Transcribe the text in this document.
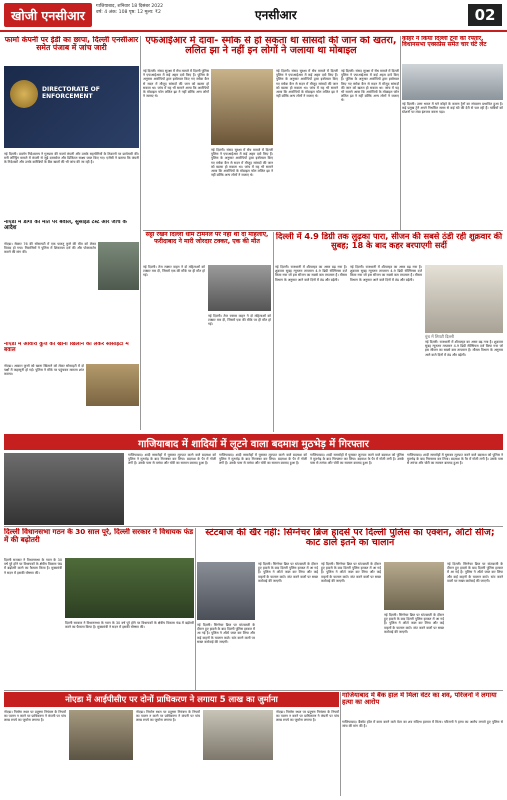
खोजी एनसीआर
गाजियाबाद, शनिवार 18 दिसंबर 2022
वर्ष: 4 अंक: 108 पृष्ठ: 12 मूल्य: ₹2	एनसीआर	02
फार्मा कंपनी पर ईडी का छापा, दिल्ली एनसीआर समेत पंजाब में जांच जारी
DIRECTORATE OF ENFORCEMENT
नई दिल्ली। प्रवर्तन निदेशालय ने गुरुग्राम की फार्मा कंपनी और उसके सहयोगियों के ठिकानों पर छापेमारी की। मनी लॉन्ड्रिंग मामले में कंपनी से जुड़े दस्तावेज और डिजिटल साक्ष्य जब्त किए गए। एजेंसी ने बताया कि कंपनी के निदेशकों और उनके करीबियों के बैंक खातों की भी जांच की जा रही है।
नोएडा में डॉगी की मौत पर बवाल, सुसाइड टेस्ट और जांच के आदेश
नोएडा। सेक्टर 76 की सोसायटी में एक पालतू कुत्ते की मौत को लेकर विवाद हो गया। निवासियों ने पुलिस में शिकायत दर्ज की और पोस्टमार्टम कराने की मांग की।
नोएडा में आवारा कुत्ते को खाना खिलाने को लेकर सोसाइटी में बवाल
नोएडा। आवारा कुत्तों को खाना खिलाने को लेकर सोसाइटी में दो पक्षों में कहासुनी हो गई। पुलिस ने मौके पर पहुंचकर मामला शांत कराया।
एफआईआर में दावा- स्मोक से हो सकता था सांसदों की जान को खतरा, ललित झा ने नहीं इन लोगों ने जलाया था मोबाइल
नई दिल्ली। संसद सुरक्षा में सेंध मामले में दिल्ली पुलिस ने एफआईआर में कई अहम दावे किए हैं। पुलिस के अनुसार आरोपियों द्वारा इस्तेमाल किए गए स्मोक कैन से सदन में मौजूद सांसदों की जान को खतरा हो सकता था। जांच में यह भी सामने आया कि आरोपियों के मोबाइल फोन ललित झा ने नहीं बल्कि अन्य लोगों ने जलाए थे।
नई दिल्ली। संसद सुरक्षा में सेंध मामले में दिल्ली पुलिस ने एफआईआर में कई अहम दावे किए हैं। पुलिस के अनुसार आरोपियों द्वारा इस्तेमाल किए गए स्मोक कैन से सदन में मौजूद सांसदों की जान को खतरा हो सकता था। जांच में यह भी सामने आया कि आरोपियों के मोबाइल फोन ललित झा ने नहीं बल्कि अन्य लोगों ने जलाए थे।
नई दिल्ली। संसद सुरक्षा में सेंध मामले में दिल्ली पुलिस ने एफआईआर में कई अहम दावे किए हैं। पुलिस के अनुसार आरोपियों द्वारा इस्तेमाल किए गए स्मोक कैन से सदन में मौजूद सांसदों की जान को खतरा हो सकता था। जांच में यह भी सामने आया कि आरोपियों के मोबाइल फोन ललित झा ने नहीं बल्कि अन्य लोगों ने जलाए थे।
नई दिल्ली। संसद सुरक्षा में सेंध मामले में दिल्ली पुलिस ने एफआईआर में कई अहम दावे किए हैं। पुलिस के अनुसार आरोपियों द्वारा इस्तेमाल किए गए स्मोक कैन से सदन में मौजूद सांसदों की जान को खतरा हो सकता था। जांच में यह भी सामने आया कि आरोपियों के मोबाइल फोन ललित झा ने नहीं बल्कि अन्य लोगों ने जलाए थे।
कोहरे ने किया दिल्ली ट्रेनों की रफ्तार, विधानसभा एक्सप्रेस समेत चार घंटे लेट
नई दिल्ली। उत्तर भारत में घने कोहरे के कारण ट्रेनों का संचालन प्रभावित हुआ है। कई प्रमुख ट्रेनें अपने निर्धारित समय से कई घंटे की देरी से चल रही हैं। यात्रियों को स्टेशनों पर लंबा इंतजार करना पड़ा।
सट्टा रखने दिल्ली धाम टर्मिनल पर नहीं थी दो महिलाएं, फरीदाबाद ने मारी जोरदार टक्कर, एक की मौत
नई दिल्ली। तेज रफ्तार वाहन ने दो महिलाओं को टक्कर मार दी, जिसमें एक की मौके पर ही मौत हो गई।
नई दिल्ली। तेज रफ्तार वाहन ने दो महिलाओं को टक्कर मार दी, जिसमें एक की मौके पर ही मौत हो गई।
दिल्ली में 4.9 डिग्री तक लुढ़का पारा, सीजन की सबसे ठंडी रही शुक्रवार की सुबह; 18 के बाद कहर बरपाएगी सर्दी
नई दिल्ली। राजधानी में शीतलहर का असर बढ़ गया है। शुक्रवार सुबह न्यूनतम तापमान 4.9 डिग्री सेल्सियस दर्ज किया गया जो इस सीजन का सबसे कम तापमान है। मौसम विभाग के अनुसार आने वाले दिनों में ठंड और बढ़ेगी।
नई दिल्ली। राजधानी में शीतलहर का असर बढ़ गया है। शुक्रवार सुबह न्यूनतम तापमान 4.9 डिग्री सेल्सियस दर्ज किया गया जो इस सीजन का सबसे कम तापमान है। मौसम विभाग के अनुसार आने वाले दिनों में ठंड और बढ़ेगी।
धुंध में लिपटी दिल्ली
नई दिल्ली। राजधानी में शीतलहर का असर बढ़ गया है। शुक्रवार सुबह न्यूनतम तापमान 4.9 डिग्री सेल्सियस दर्ज किया गया जो इस सीजन का सबसे कम तापमान है। मौसम विभाग के अनुसार आने वाले दिनों में ठंड और बढ़ेगी।
गाजियाबाद में शादियों में लूटने वाला बदमाश मुठभेड़ में गिरफ्तार
गाजियाबाद। शादी समारोहों में घुसकर लूटपाट करने वाले बदमाश को पुलिस ने मुठभेड़ के बाद गिरफ्तार कर लिया। बदमाश के पैर में गोली लगी है। उसके पास से तमंचा और चोरी का सामान बरामद हुआ है।
गाजियाबाद। शादी समारोहों में घुसकर लूटपाट करने वाले बदमाश को पुलिस ने मुठभेड़ के बाद गिरफ्तार कर लिया। बदमाश के पैर में गोली लगी है। उसके पास से तमंचा और चोरी का सामान बरामद हुआ है।
गाजियाबाद। शादी समारोहों में घुसकर लूटपाट करने वाले बदमाश को पुलिस ने मुठभेड़ के बाद गिरफ्तार कर लिया। बदमाश के पैर में गोली लगी है। उसके पास से तमंचा और चोरी का सामान बरामद हुआ है।
गाजियाबाद। शादी समारोहों में घुसकर लूटपाट करने वाले बदमाश को पुलिस ने मुठभेड़ के बाद गिरफ्तार कर लिया। बदमाश के पैर में गोली लगी है। उसके पास से तमंचा और चोरी का सामान बरामद हुआ है।
दिल्ली विधानसभा गठन के 30 साल पूरे, दिल्ली सरकार ने विधायक फंड में की बढ़ोतरी
दिल्ली सरकार ने विधानसभा के गठन के 30 वर्ष पूरे होने पर विधायकों के क्षेत्रीय विकास फंड में बढ़ोतरी करने का फैसला किया है। मुख्यमंत्री ने सदन में इसकी घोषणा की।
दिल्ली सरकार ने विधानसभा के गठन के 30 वर्ष पूरे होने पर विधायकों के क्षेत्रीय विकास फंड में बढ़ोतरी करने का फैसला किया है। मुख्यमंत्री ने सदन में इसकी घोषणा की।
स्टंटबाज की खैर नहीं: सिग्नेचर ब्रिज हादसे पर दिल्ली पुलिस का एक्शन, ऑटो सीज; काट डाले इतने का चालान
नई दिल्ली। सिग्नेचर ब्रिज पर स्टंटबाजी के दौरान हुए हादसे के बाद दिल्ली पुलिस हरकत में आ गई है। पुलिस ने ऑटो जब्त कर लिया और कई वाहनों के चालान काटे। स्टंट करने वालों पर सख्त कार्रवाई की जाएगी।
नई दिल्ली। सिग्नेचर ब्रिज पर स्टंटबाजी के दौरान हुए हादसे के बाद दिल्ली पुलिस हरकत में आ गई है। पुलिस ने ऑटो जब्त कर लिया और कई वाहनों के चालान काटे। स्टंट करने वालों पर सख्त कार्रवाई की जाएगी।
नई दिल्ली। सिग्नेचर ब्रिज पर स्टंटबाजी के दौरान हुए हादसे के बाद दिल्ली पुलिस हरकत में आ गई है। पुलिस ने ऑटो जब्त कर लिया और कई वाहनों के चालान काटे। स्टंट करने वालों पर सख्त कार्रवाई की जाएगी।
नई दिल्ली। सिग्नेचर ब्रिज पर स्टंटबाजी के दौरान हुए हादसे के बाद दिल्ली पुलिस हरकत में आ गई है। पुलिस ने ऑटो जब्त कर लिया और कई वाहनों के चालान काटे। स्टंट करने वालों पर सख्त कार्रवाई की जाएगी।
नई दिल्ली। सिग्नेचर ब्रिज पर स्टंटबाजी के दौरान हुए हादसे के बाद दिल्ली पुलिस हरकत में आ गई है। पुलिस ने ऑटो जब्त कर लिया और कई वाहनों के चालान काटे। स्टंट करने वालों पर सख्त कार्रवाई की जाएगी।
नोएडा में आईपीसीए पर दोनों प्राधिकरण ने लगाया 5 लाख का जुर्माना
नोएडा। निर्माण स्थल पर प्रदूषण नियंत्रण के नियमों का पालन न करने पर प्राधिकरण ने कंपनी पर पांच लाख रुपये का जुर्माना लगाया है।
नोएडा। निर्माण स्थल पर प्रदूषण नियंत्रण के नियमों का पालन न करने पर प्राधिकरण ने कंपनी पर पांच लाख रुपये का जुर्माना लगाया है।
नोएडा। निर्माण स्थल पर प्रदूषण नियंत्रण के नियमों का पालन न करने पर प्राधिकरण ने कंपनी पर पांच लाख रुपये का जुर्माना लगाया है।
गाजियाबाद में बैंक हाल में मिला वेटर का शव, परिजनों ने लगाया हत्या का आरोप
गाजियाबाद। बैंक्वेट हॉल में काम करने वाले वेटर का शव संदिग्ध हालात में मिला। परिजनों ने हत्या का आरोप लगाते हुए पुलिस से जांच की मांग की है।
